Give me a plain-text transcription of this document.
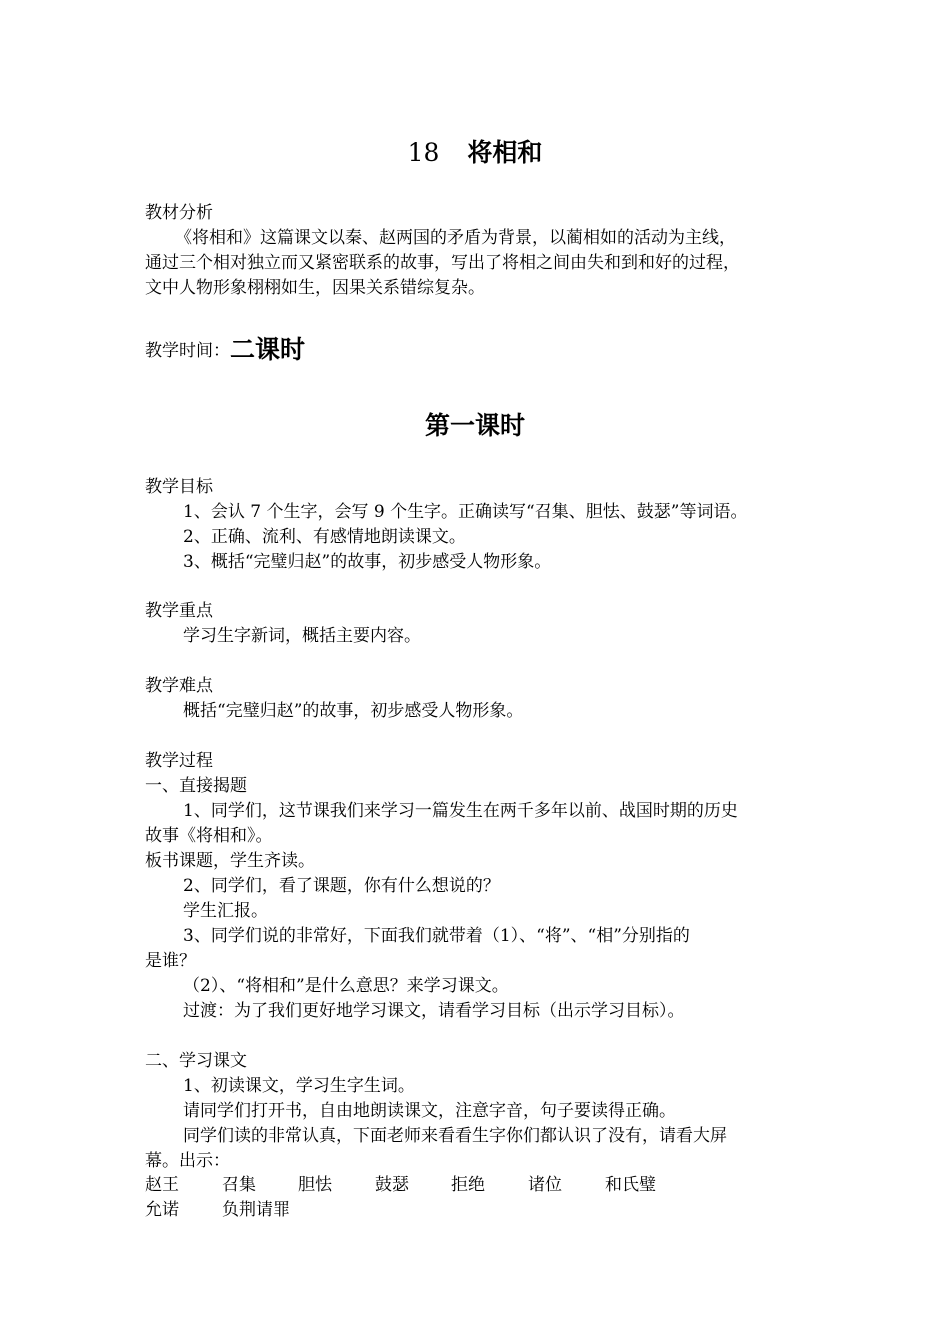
18 将相和
教材分析
《将相和》这篇课文以秦、赵两国的矛盾为背景，以蔺相如的活动为主线，
通过三个相对独立而又紧密联系的故事，写出了将相之间由失和到和好的过程，
文中人物形象栩栩如生，因果关系错综复杂。
教学时间：二课时
第一课时
教学目标
1、会认 7 个生字，会写 9 个生字。正确读写“召集、胆怯、鼓瑟”等词语。
2、正确、流利、有感情地朗读课文。
3、概括“完璧归赵”的故事，初步感受人物形象。
教学重点
学习生字新词，概括主要内容。
教学难点
概括“完璧归赵”的故事，初步感受人物形象。
教学过程
一、直接揭题
1、同学们，这节课我们来学习一篇发生在两千多年以前、战国时期的历史
故事《将相和》。
板书课题，学生齐读。
2、同学们，看了课题，你有什么想说的？
学生汇报。
3、同学们说的非常好，下面我们就带着（1）、“将”、“相”分别指的
是谁？
（2）、“将相和”是什么意思？来学习课文。
过渡：为了我们更好地学习课文，请看学习目标（出示学习目标）。
二、学习课文
1、初读课文，学习生字生词。
请同学们打开书，自由地朗读课文，注意字音，句子要读得正确。
同学们读的非常认真，下面老师来看看生字你们都认识了没有，请看大屏
幕。出示：
赵王	召集 胆怯	鼓瑟 拒绝	诸位	和氏璧
允诺	负荆请罪
